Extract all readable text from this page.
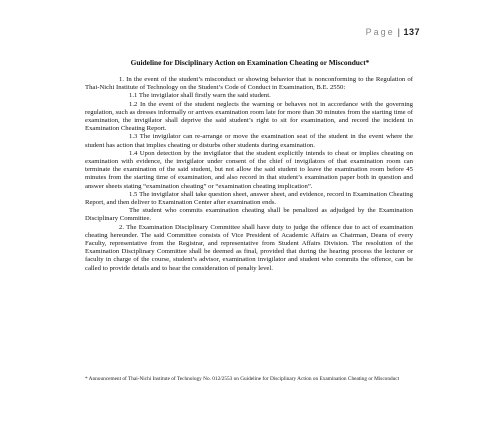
Page | 137
Guideline for Disciplinary Action on Examination Cheating or Misconduct*

1. In the event of the student’s misconduct or showing behavior that is nonconforming to the Regulation of Thai-Nichi Institute of Technology on the Student’s Code of Conduct in Examination, B.E. 2550:

1.1 The invigilator shall firstly warn the said student.

1.2 In the event of the student neglects the warning or behaves not in accordance with the governing regulation, such as dresses informally or arrives examination room late for more than 30 minutes from the starting time of examination, the invigilator shall deprive the said student’s right to sit for examination, and record the incident in Examination Cheating Report.

1.3 The invigilator can re-arrange or move the examination seat of the student in the event where the student has action that implies cheating or disturbs other students during examination.

1.4 Upon detection by the invigilator that the student explicitly intends to cheat or implies cheating on examination with evidence, the invigilator under consent of the chief of invigilators of that examination room can terminate the examination of the said student, but not allow the said student to leave the examination room before 45 minutes from the starting time of examination, and also record in that student’s examination paper both in question and answer sheets stating “examination cheating” or “examination cheating implication”.

1.5 The invigilator shall take question sheet, answer sheet, and evidence, record in Examination Cheating Report, and then deliver to Examination Center after examination ends.

The student who commits examination cheating shall be penalized as adjudged by the Examination Disciplinary Committee.

2. The Examination Disciplinary Committee shall have duty to judge the offence due to act of examination cheating hereunder. The said Committee consists of Vice President of Academic Affairs as Chairman, Deans of every Faculty, representative from the Registrar, and representative from Student Affairs Division. The resolution of the Examination Disciplinary Committee shall be deemed as final, provided that during the hearing process the lecturer or faculty in charge of the course, student’s advisor, examination invigilator and student who commits the offence, can be called to provide details and to hear the consideration of penalty level.

* Announcement of Thai-Nichi Institute of Technology No. 012/2553 on Guideline for Disciplinary Action on Examination Cheating or Misconduct
